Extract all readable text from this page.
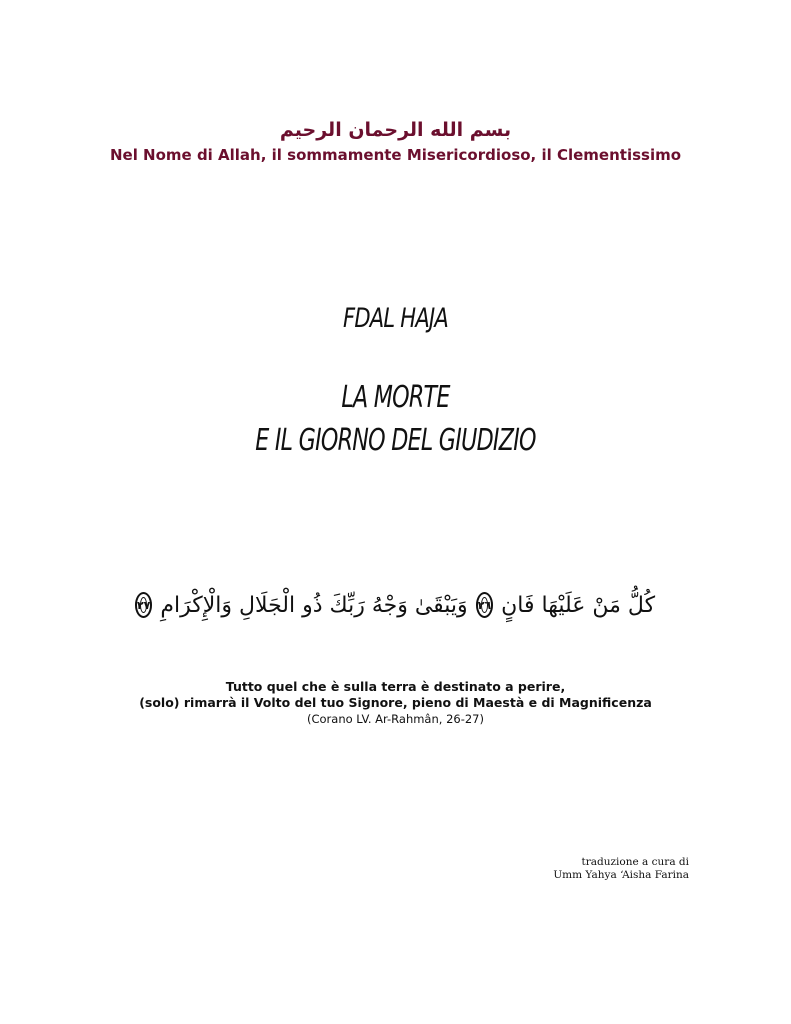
بسم الله الرحمان الرحيم
Nel Nome di Allah, il sommamente Misericordioso, il Clementissimo
FDAL HAJA
LA MORTE
E IL GIORNO DEL GIUDIZIO
كُلُّ مَنْ عَلَيْهَا فَانٍ
٢٦
وَيَبْقَىٰ وَجْهُ رَبِّكَ ذُو الْجَلَالِ وَالْإِكْرَامِ
٢٧
Tutto quel che è sulla terra è destinato a perire,
(solo) rimarrà il Volto del tuo Signore, pieno di Maestà e di Magnificenza
(Corano LV. Ar-Rahmân, 26-27)
traduzione a cura di
Umm Yahya ‘Aisha Farina
